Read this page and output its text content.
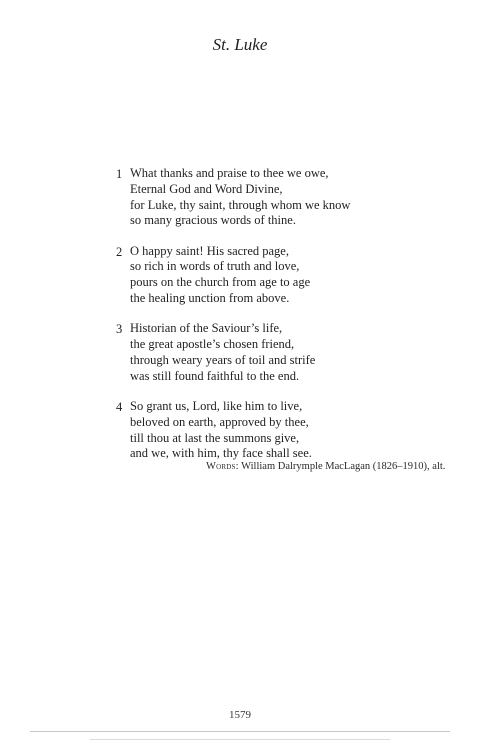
St. Luke
1 What thanks and praise to thee we owe,
Eternal God and Word Divine,
for Luke, thy saint, through whom we know
so many gracious words of thine.
2 O happy saint! His sacred page,
so rich in words of truth and love,
pours on the church from age to age
the healing unction from above.
3 Historian of the Saviour’s life,
the great apostle’s chosen friend,
through weary years of toil and strife
was still found faithful to the end.
4 So grant us, Lord, like him to live,
beloved on earth, approved by thee,
till thou at last the summons give,
and we, with him, thy face shall see.
Words: William Dalrymple MacLagan (1826–1910), alt.
1579
